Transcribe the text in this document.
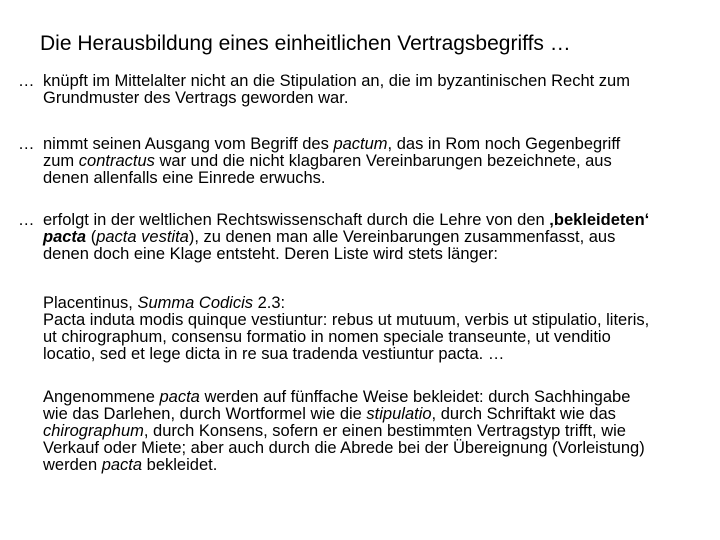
Die Herausbildung eines einheitlichen Vertragsbegriffs …
… knüpft im Mittelalter nicht an die Stipulation an, die im byzantinischen Recht zum
Grundmuster des Vertrags geworden war.
… nimmt seinen Ausgang vom Begriff des pactum, das in Rom noch Gegenbegriff
zum contractus war und die nicht klagbaren Vereinbarungen bezeichnete, aus
denen allenfalls eine Einrede erwuchs.
… erfolgt in der weltlichen Rechtswissenschaft durch die Lehre von den ‚bekleideten‘
pacta (pacta vestita), zu denen man alle Vereinbarungen zusammenfasst, aus
denen doch eine Klage entsteht. Deren Liste wird stets länger:
Placentinus, Summa Codicis 2.3:
Pacta induta modis quinque vestiuntur: rebus ut mutuum, verbis ut stipulatio, literis,
ut chirographum, consensu formatio in nomen speciale transeunte, ut venditio
locatio, sed et lege dicta in re sua tradenda vestiuntur pacta. …
Angenommene pacta werden auf fünffache Weise bekleidet: durch Sachhingabe
wie das Darlehen, durch Wortformel wie die stipulatio, durch Schriftakt wie das
chirographum, durch Konsens, sofern er einen bestimmten Vertragstyp trifft, wie
Verkauf oder Miete; aber auch durch die Abrede bei der Übereignung (Vorleistung)
werden pacta bekleidet.
